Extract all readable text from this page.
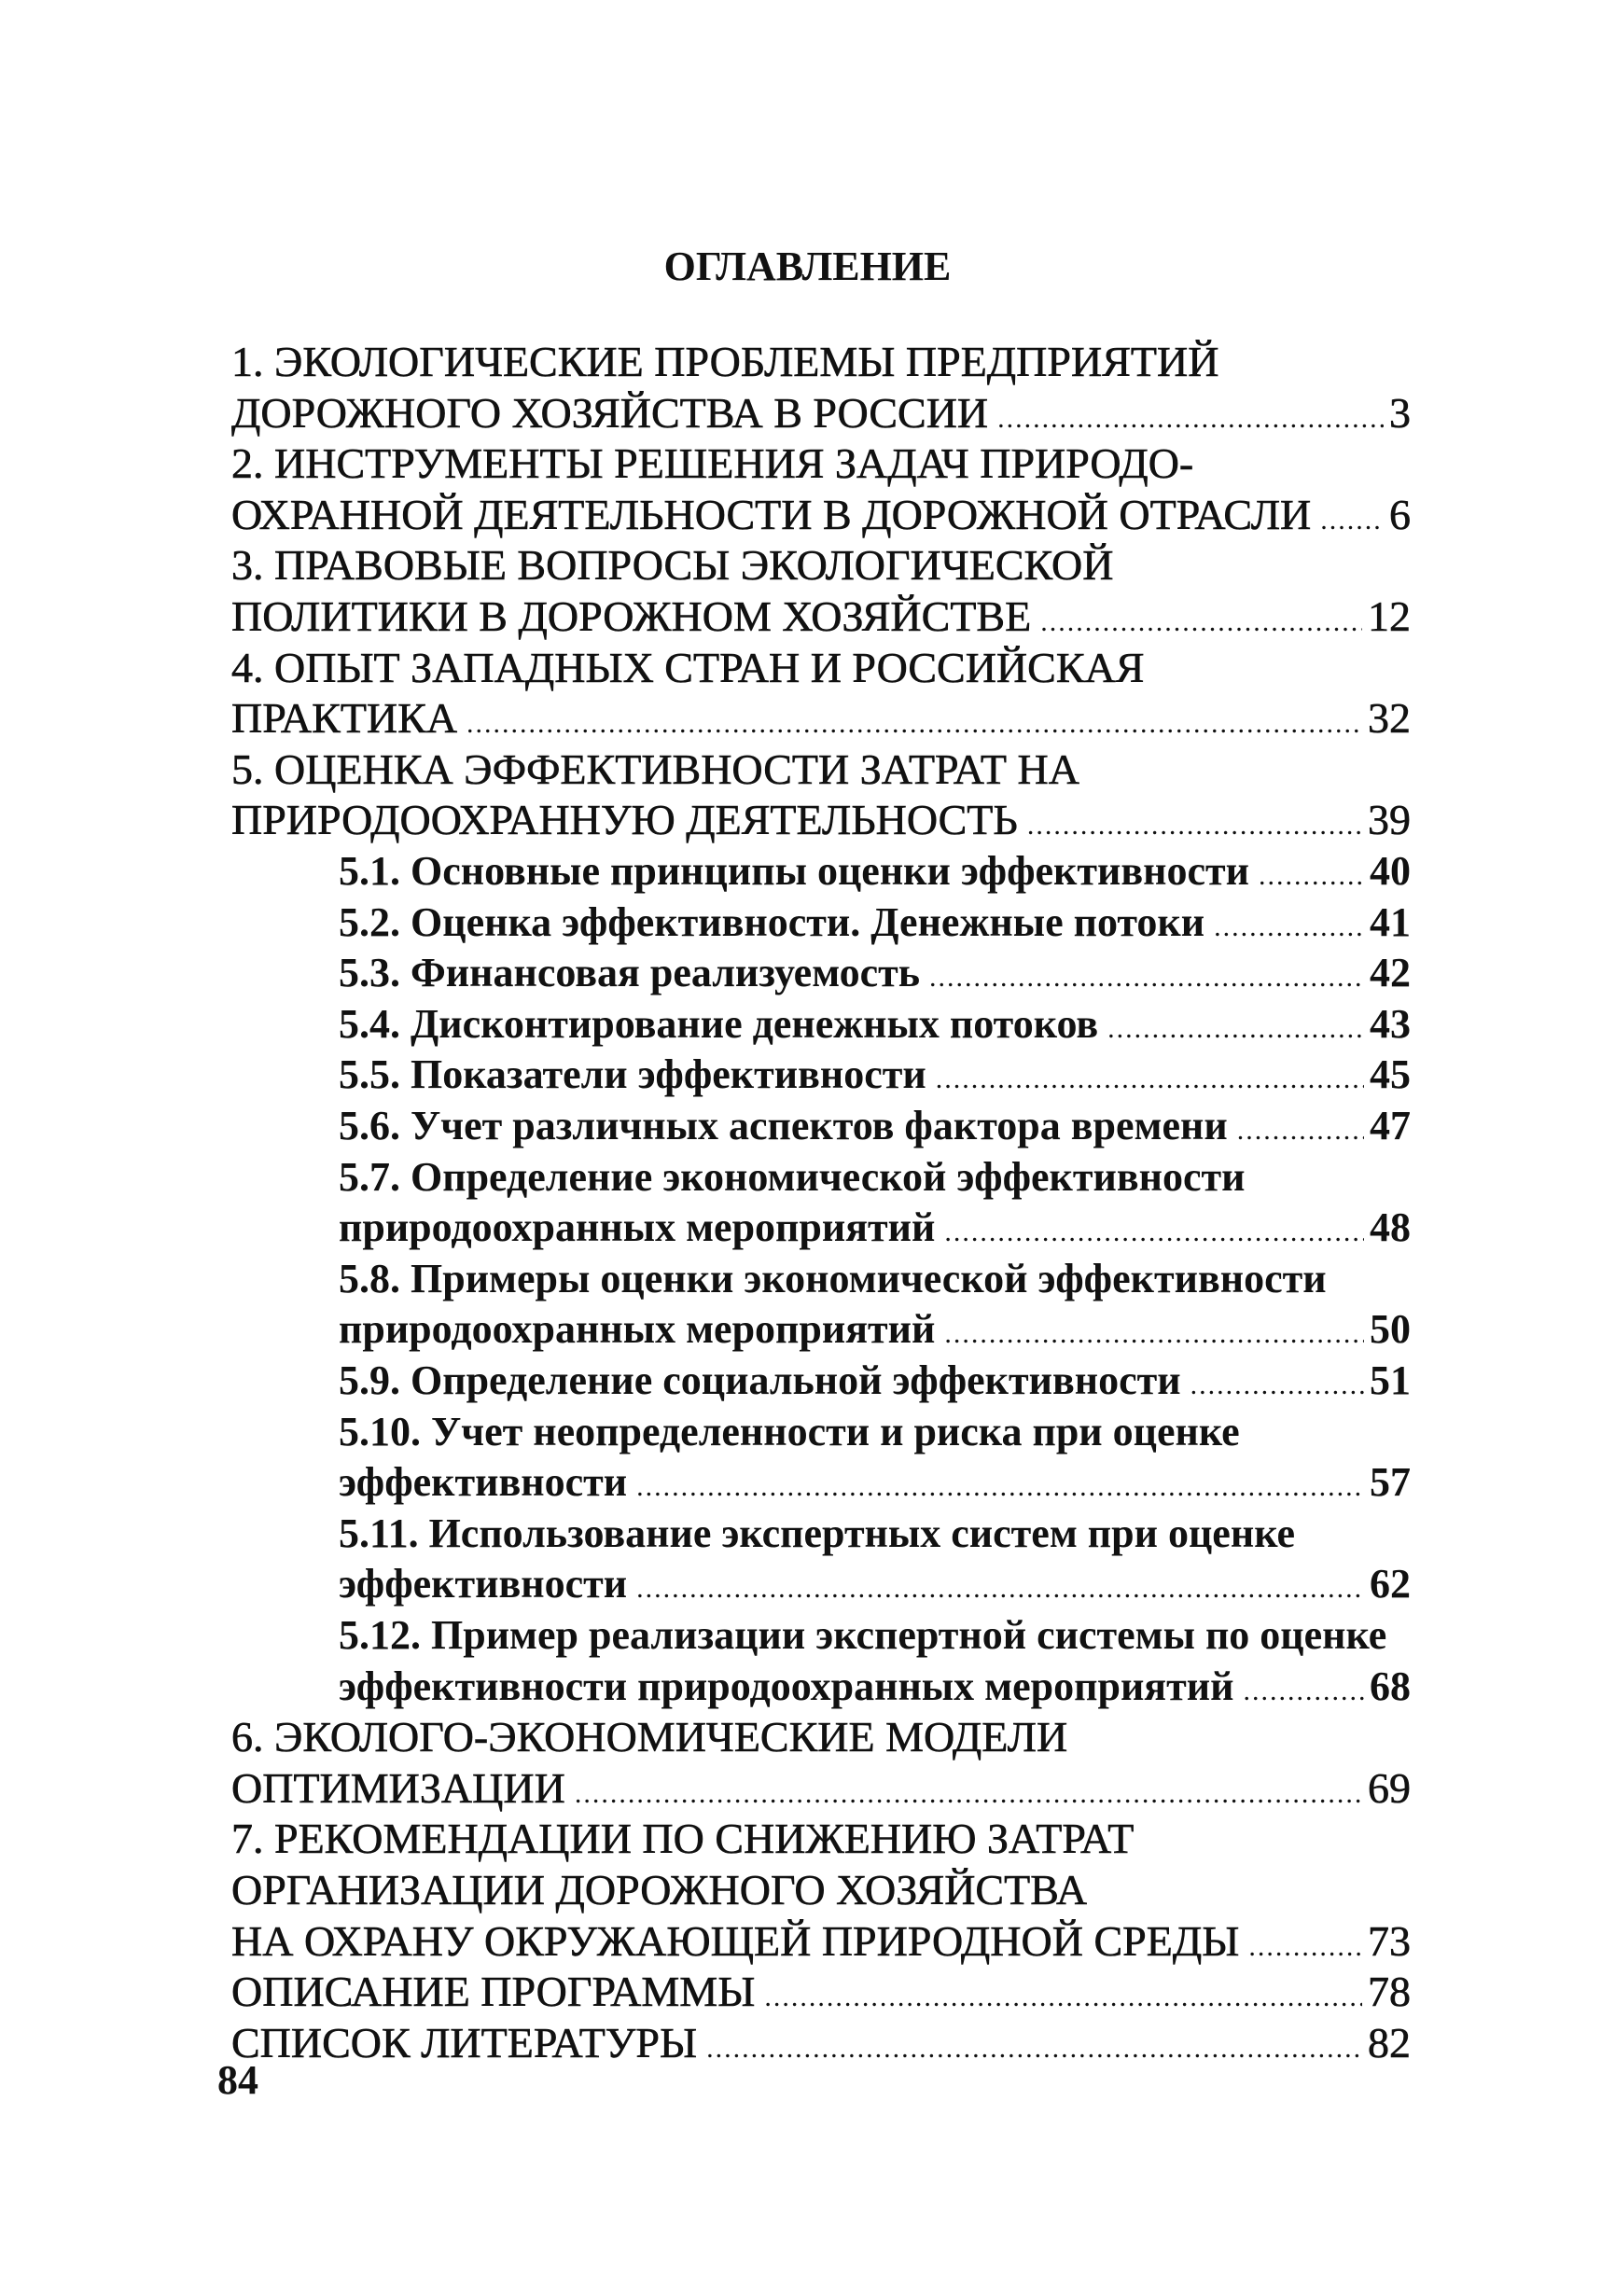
ОГЛАВЛЕНИЕ
1. ЭКОЛОГИЧЕСКИЕ ПРОБЛЕМЫ ПРЕДПРИЯТИЙ
ДОРОЖНОГО ХОЗЯЙСТВА В РОССИИ .....	3
2. ИНСТРУМЕНТЫ РЕШЕНИЯ ЗАДАЧ ПРИРОДО-
ОХРАННОЙ ДЕЯТЕЛЬНОСТИ В ДОРОЖНОЙ ОТРАСЛИ ..... 6
3. ПРАВОВЫЕ ВОПРОСЫ ЭКОЛОГИЧЕСКОЙ
ПОЛИТИКИ В ДОРОЖНОМ ХОЗЯЙСТВЕ .....	12
4. ОПЫТ ЗАПАДНЫХ СТРАН И РОССИЙСКАЯ
ПРАКТИКА .....	32
5. ОЦЕНКА ЭФФЕКТИВНОСТИ ЗАТРАТ НА
ПРИРОДООХРАННУЮ ДЕЯТЕЛЬНОСТЬ .....	39
5.1. Основные принципы оценки эффективности .....	40
5.2. Оценка эффективности. Денежные потоки .....	41
5.3. Финансовая реализуемость .....	42
5.4. Дисконтирование денежных потоков .....	43
5.5. Показатели эффективности .....	45
5.6. Учет различных аспектов фактора времени .....	47
5.7. Определение экономической эффективности
природоохранных мероприятий .....	48
5.8. Примеры оценки экономической эффективности
природоохранных мероприятий .....	50
5.9. Определение социальной эффективности .....	51
5.10. Учет неопределенности и риска при оценке
эффективности .....	57
5.11. Использование экспертных систем при оценке
эффективности .....	62
5.12. Пример реализации экспертной системы по оценке
эффективности природоохранных мероприятий .....	68
6. ЭКОЛОГО-ЭКОНОМИЧЕСКИЕ МОДЕЛИ
ОПТИМИЗАЦИИ .....	69
7. РЕКОМЕНДАЦИИ ПО СНИЖЕНИЮ ЗАТРАТ
ОРГАНИЗАЦИИ ДОРОЖНОГО ХОЗЯЙСТВА
НА ОХРАНУ ОКРУЖАЮЩЕЙ ПРИРОДНОЙ СРЕДЫ .....	73
ОПИСАНИЕ ПРОГРАММЫ .....	78
СПИСОК ЛИТЕРАТУРЫ .....	82
84
